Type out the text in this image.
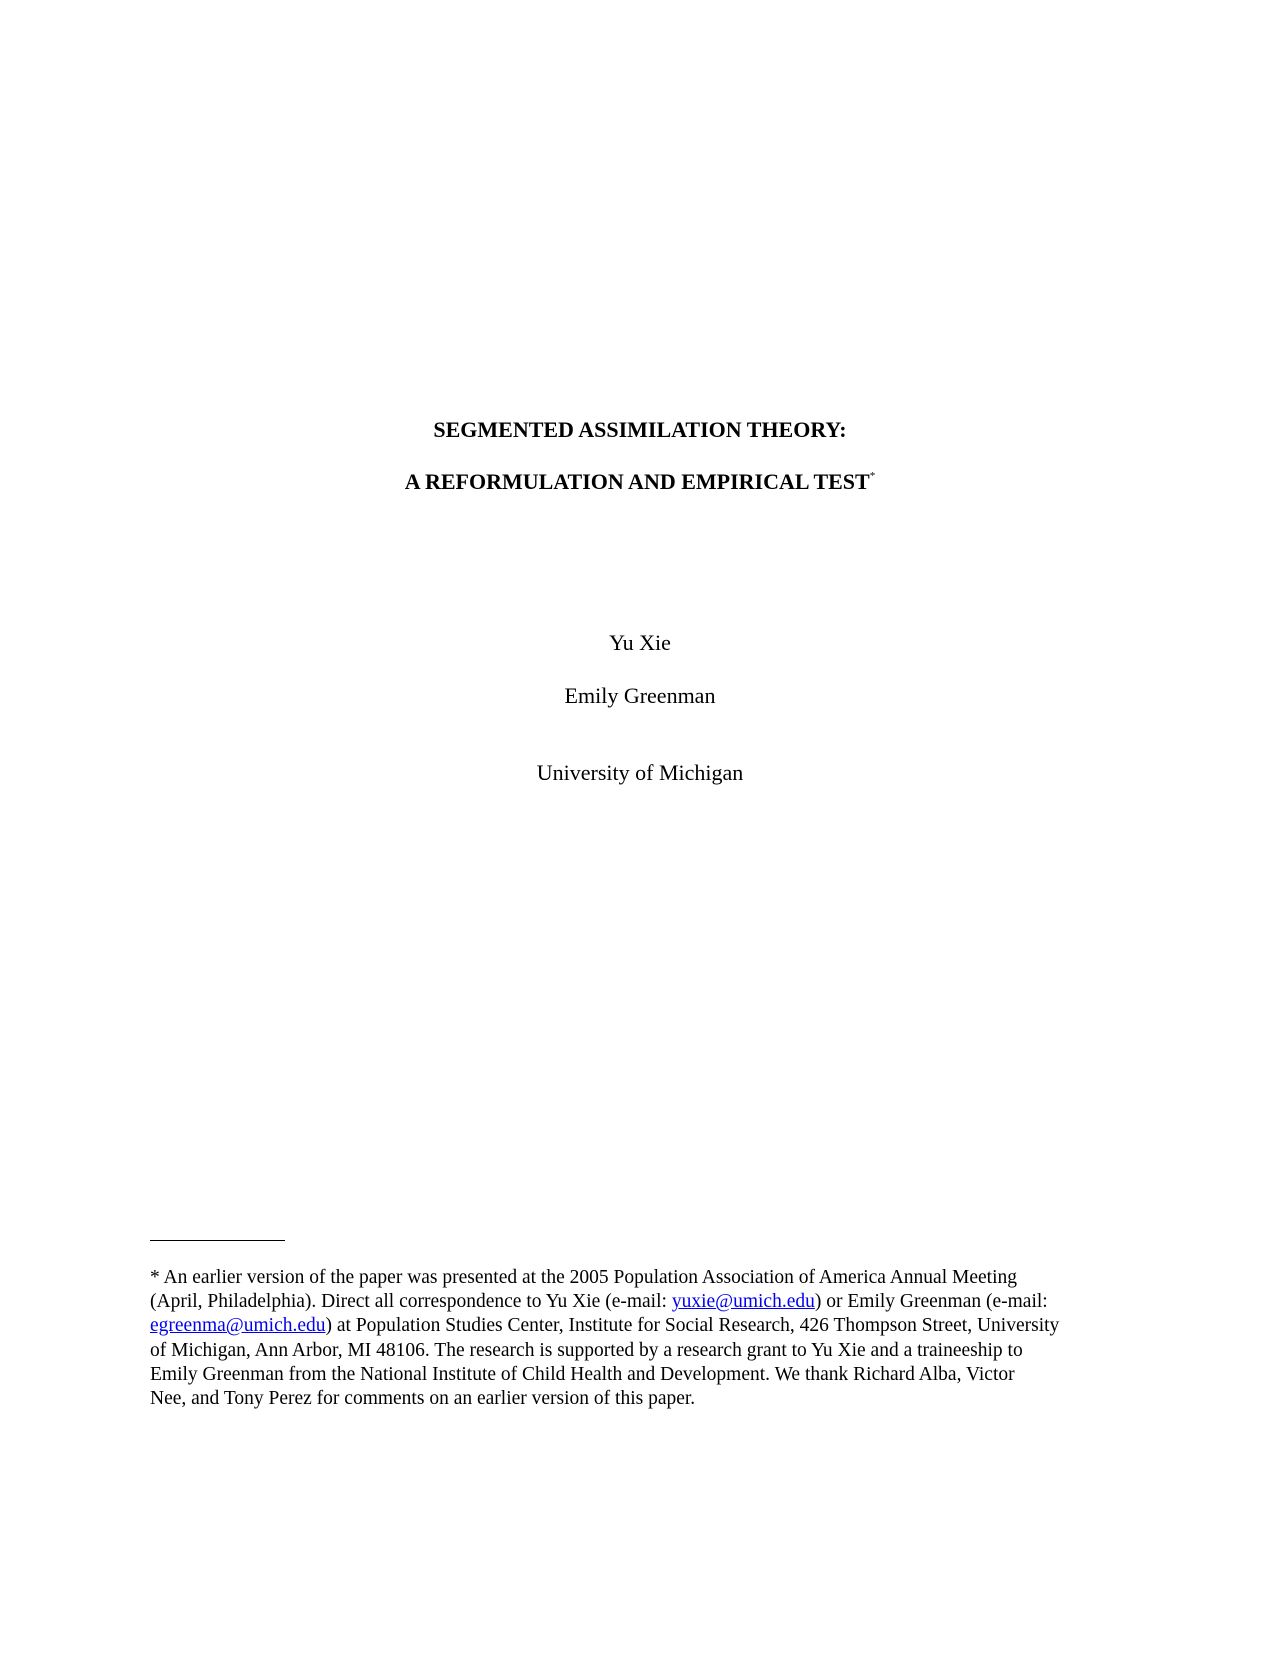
SEGMENTED ASSIMILATION THEORY:
A REFORMULATION AND EMPIRICAL TEST*
Yu Xie
Emily Greenman
University of Michigan
* An earlier version of the paper was presented at the 2005 Population Association of America Annual Meeting
(April, Philadelphia). Direct all correspondence to Yu Xie (e-mail: yuxie@umich.edu) or Emily Greenman (e-mail:
egreenma@umich.edu) at Population Studies Center, Institute for Social Research, 426 Thompson Street, University
of Michigan, Ann Arbor, MI 48106. The research is supported by a research grant to Yu Xie and a traineeship to
Emily Greenman from the National Institute of Child Health and Development. We thank Richard Alba, Victor
Nee, and Tony Perez for comments on an earlier version of this paper.
